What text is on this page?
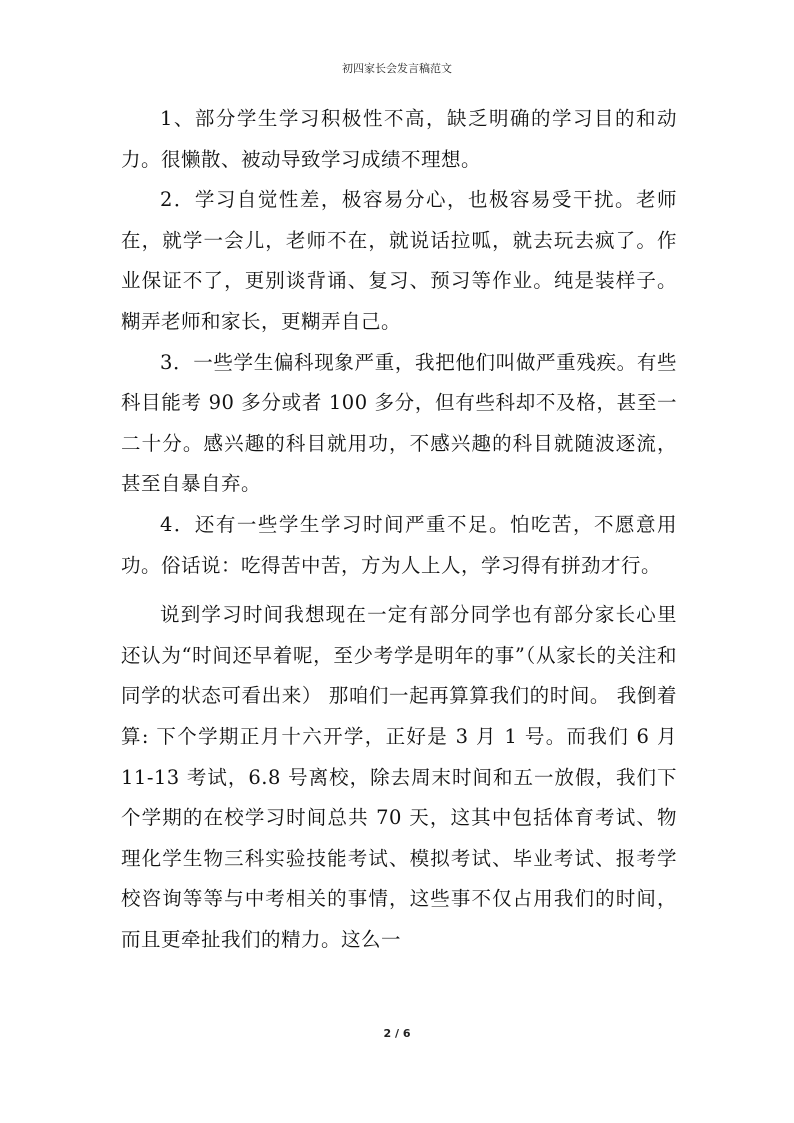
初四家长会发言稿范文

1、部分学生学习积极性不高，缺乏明确的学习目的和动力。很懒散、被动导致学习成绩不理想。

2．学习自觉性差，极容易分心，也极容易受干扰。老师在，就学一会儿，老师不在，就说话拉呱，就去玩去疯了。作业保证不了，更别谈背诵、复习、预习等作业。纯是装样子。糊弄老师和家长，更糊弄自己。

3．一些学生偏科现象严重，我把他们叫做严重残疾。有些科目能考 90 多分或者 100 多分，但有些科却不及格，甚至一二十分。感兴趣的科目就用功，不感兴趣的科目就随波逐流，甚至自暴自弃。

4．还有一些学生学习时间严重不足。怕吃苦，不愿意用功。俗话说：吃得苦中苦，方为人上人，学习得有拼劲才行。

说到学习时间我想现在一定有部分同学也有部分家长心里还认为“时间还早着呢，至少考学是明年的事”（从家长的关注和同学的状态可看出来） 那咱们一起再算算我们的时间。 我倒着算: 下个学期正月十六开学，正好是 3 月 1 号。而我们 6 月 11-13 考试，6.8 号离校，除去周末时间和五一放假，我们下个学期的在校学习时间总共 70 天，这其中包括体育考试、物理化学生物三科实验技能考试、模拟考试、毕业考试、报考学校咨询等等与中考相关的事情，这些事不仅占用我们的时间，而且更牵扯我们的精力。这么一

2 / 6
